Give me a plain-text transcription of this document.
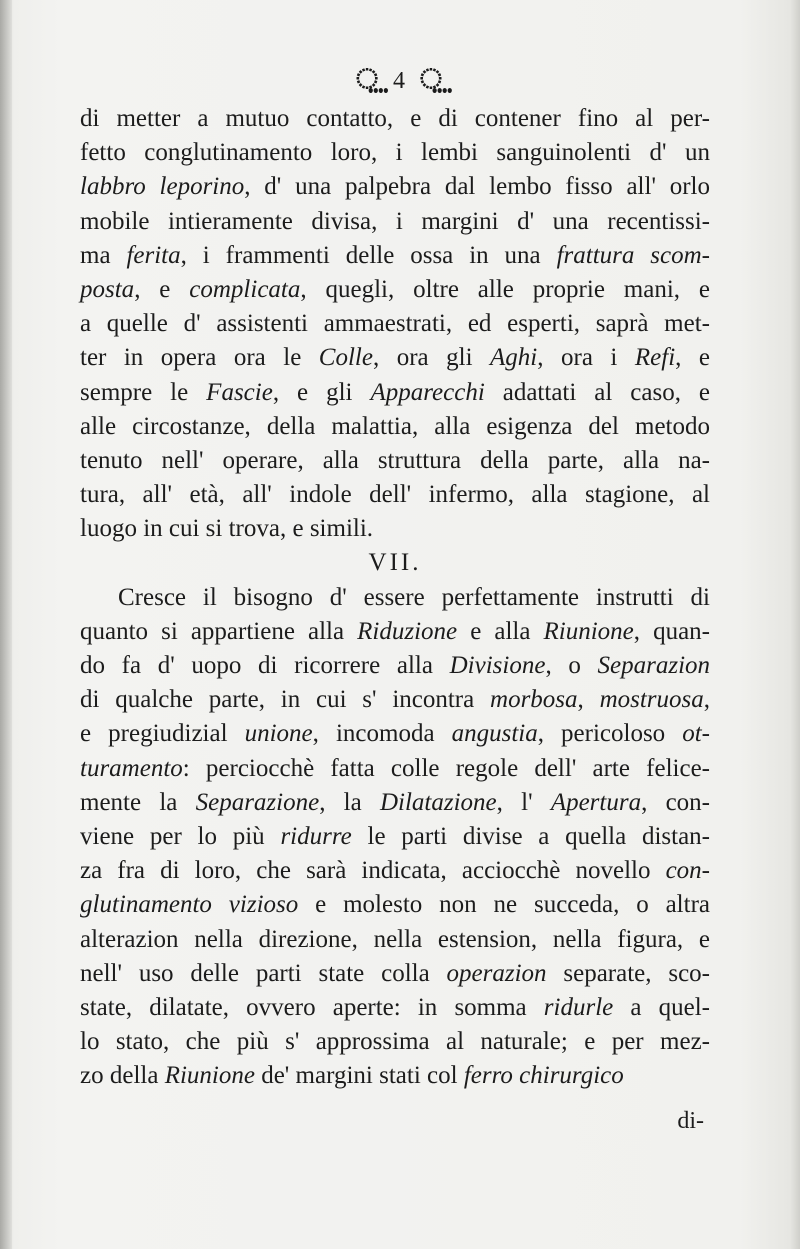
⵿ 4 ⵿
di metter a mutuo contatto, e di contener fino al per-
fetto conglutinamento loro, i lembi sanguinolenti d' un
labbro leporino, d' una palpebra dal lembo fisso all' orlo
mobile intieramente divisa, i margini d' una recentissi-
ma ferita, i frammenti delle ossa in una frattura scom-
posta, e complicata, quegli, oltre alle proprie mani, e
a quelle d' assistenti ammaestrati, ed esperti, saprà met-
ter in opera ora le Colle, ora gli Aghi, ora i Refi, e
sempre le Fascie, e gli Apparecchi adattati al caso, e
alle circostanze, della malattia, alla esigenza del metodo
tenuto nell' operare, alla struttura della parte, alla na-
tura, all' età, all' indole dell' infermo, alla stagione, al
luogo in cui si trova, e simili.
VII.
Cresce il bisogno d' essere perfettamente instrutti di
quanto si appartiene alla Riduzione e alla Riunione, quan-
do fa d' uopo di ricorrere alla Divisione, o Separazion
di qualche parte, in cui s' incontra morbosa, mostruosa,
e pregiudizial unione, incomoda angustia, pericoloso ot-
turamento: perciocchè fatta colle regole dell' arte felice-
mente la Separazione, la Dilatazione, l' Apertura, con-
viene per lo più ridurre le parti divise a quella distan-
za fra di loro, che sarà indicata, acciocchè novello con-
glutinamento vizioso e molesto non ne succeda, o altra
alterazion nella direzione, nella estension, nella figura, e
nell' uso delle parti state colla operazion separate, sco-
state, dilatate, ovvero aperte: in somma ridurle a quel-
lo stato, che più s' approssima al naturale; e per mez-
zo della Riunione de' margini stati col ferro chirurgico
di-
